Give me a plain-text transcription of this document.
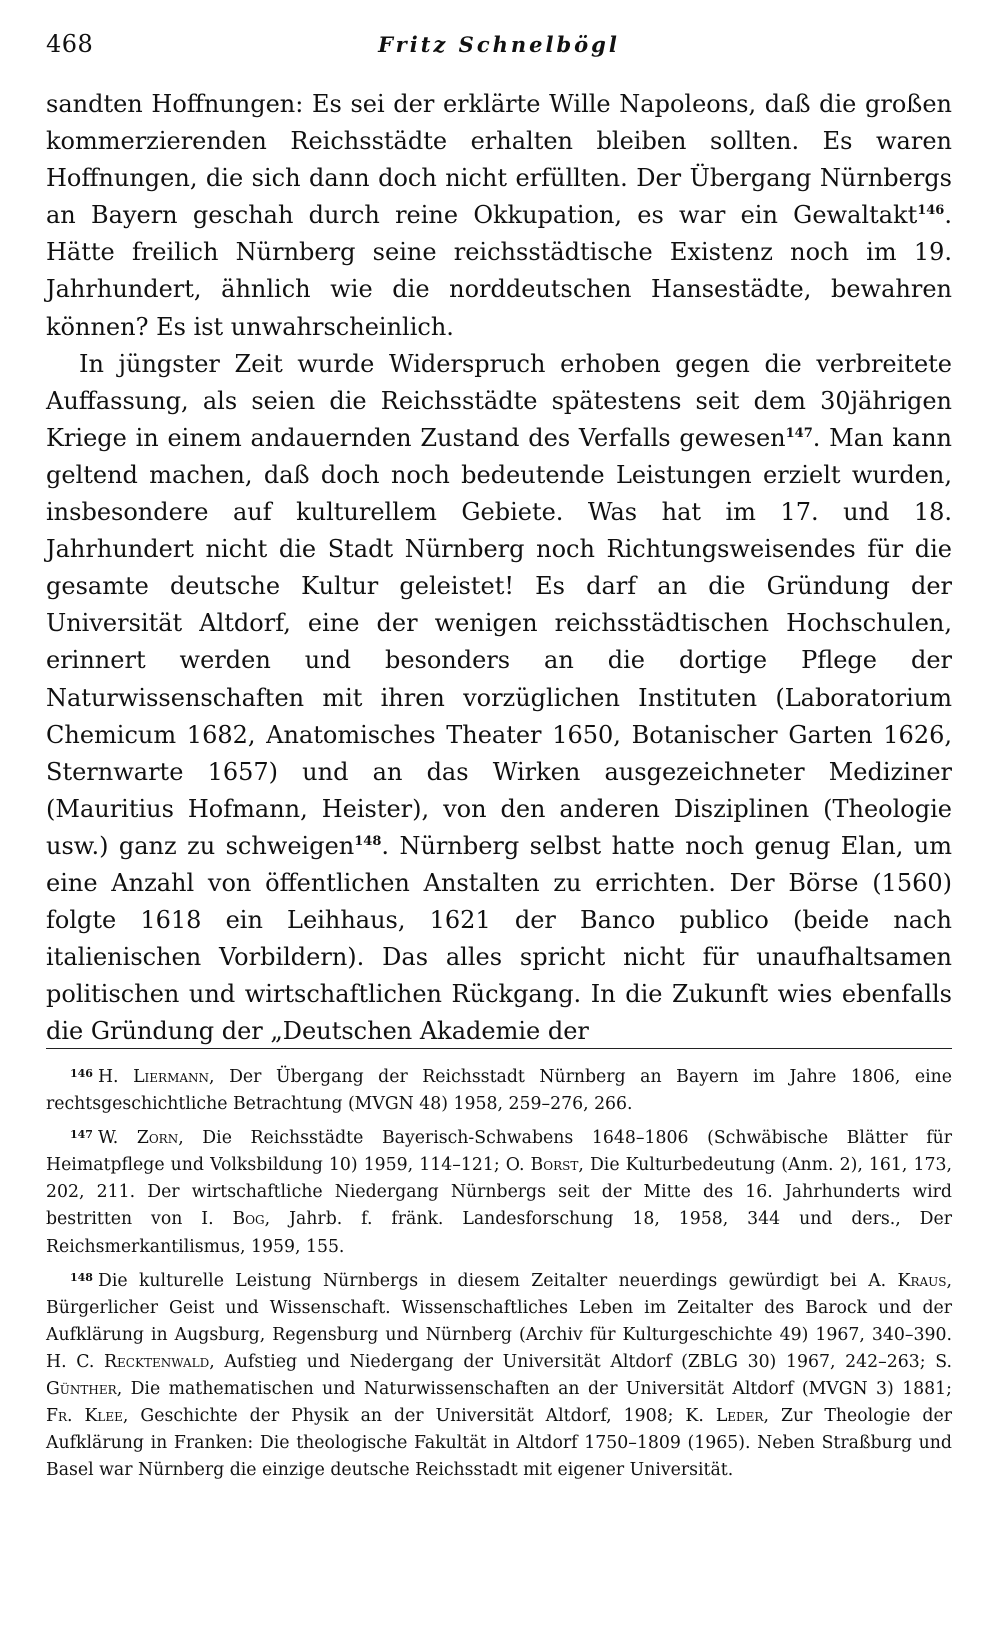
468	Fritz Schnelbögl

sandten Hoffnungen: Es sei der erklärte Wille Napoleons, daß die großen kommerzierenden Reichsstädte erhalten bleiben sollten. Es waren Hoffnungen, die sich dann doch nicht erfüllten. Der Übergang Nürnbergs an Bayern geschah durch reine Okkupation, es war ein Gewaltakt$^{146}$. Hätte freilich Nürnberg seine reichsstädtische Existenz noch im 19. Jahrhundert, ähnlich wie die norddeutschen Hansestädte, bewahren können? Es ist unwahrscheinlich.

In jüngster Zeit wurde Widerspruch erhoben gegen die verbreitete Auffassung, als seien die Reichsstädte spätestens seit dem 30jährigen Kriege in einem andauernden Zustand des Verfalls gewesen$^{147}$. Man kann geltend machen, daß doch noch bedeutende Leistungen erzielt wurden, insbesondere auf kulturellem Gebiete. Was hat im 17. und 18. Jahrhundert nicht die Stadt Nürnberg noch Richtungsweisendes für die gesamte deutsche Kultur geleistet! Es darf an die Gründung der Universität Altdorf, eine der wenigen reichsstädtischen Hochschulen, erinnert werden und besonders an die dortige Pflege der Naturwissenschaften mit ihren vorzüglichen Instituten (Laboratorium Chemicum 1682, Anatomisches Theater 1650, Botanischer Garten 1626, Sternwarte 1657) und an das Wirken ausgezeichneter Mediziner (Mauritius Hofmann, Heister), von den anderen Disziplinen (Theologie usw.) ganz zu schweigen$^{148}$. Nürnberg selbst hatte noch genug Elan, um eine Anzahl von öffentlichen Anstalten zu errichten. Der Börse (1560) folgte 1618 ein Leihhaus, 1621 der Banco publico (beide nach italienischen Vorbildern). Das alles spricht nicht für unaufhaltsamen politischen und wirtschaftlichen Rückgang. In die Zukunft wies ebenfalls die Gründung der „Deutschen Akademie der

$^{146}$ H. Liermann, Der Übergang der Reichsstadt Nürnberg an Bayern im Jahre 1806, eine rechtsgeschichtliche Betrachtung (MVGN 48) 1958, 259–276, 266.

$^{147}$ W. Zorn, Die Reichsstädte Bayerisch-Schwabens 1648–1806 (Schwäbische Blätter für Heimatpflege und Volksbildung 10) 1959, 114–121; O. Borst, Die Kulturbedeutung (Anm. 2), 161, 173, 202, 211. Der wirtschaftliche Niedergang Nürnbergs seit der Mitte des 16. Jahrhunderts wird bestritten von I. Bog, Jahrb. f. fränk. Landesforschung 18, 1958, 344 und ders., Der Reichsmerkantilismus, 1959, 155.

$^{148}$ Die kulturelle Leistung Nürnbergs in diesem Zeitalter neuerdings gewürdigt bei A. Kraus, Bürgerlicher Geist und Wissenschaft. Wissenschaftliches Leben im Zeitalter des Barock und der Aufklärung in Augsburg, Regensburg und Nürnberg (Archiv für Kulturgeschichte 49) 1967, 340–390. H. C. Recktenwald, Aufstieg und Niedergang der Universität Altdorf (ZBLG 30) 1967, 242–263; S. Günther, Die mathematischen und Naturwissenschaften an der Universität Altdorf (MVGN 3) 1881; Fr. Klee, Geschichte der Physik an der Universität Altdorf, 1908; K. Leder, Zur Theologie der Aufklärung in Franken: Die theologische Fakultät in Altdorf 1750–1809 (1965). Neben Straßburg und Basel war Nürnberg die einzige deutsche Reichsstadt mit eigener Universität.
